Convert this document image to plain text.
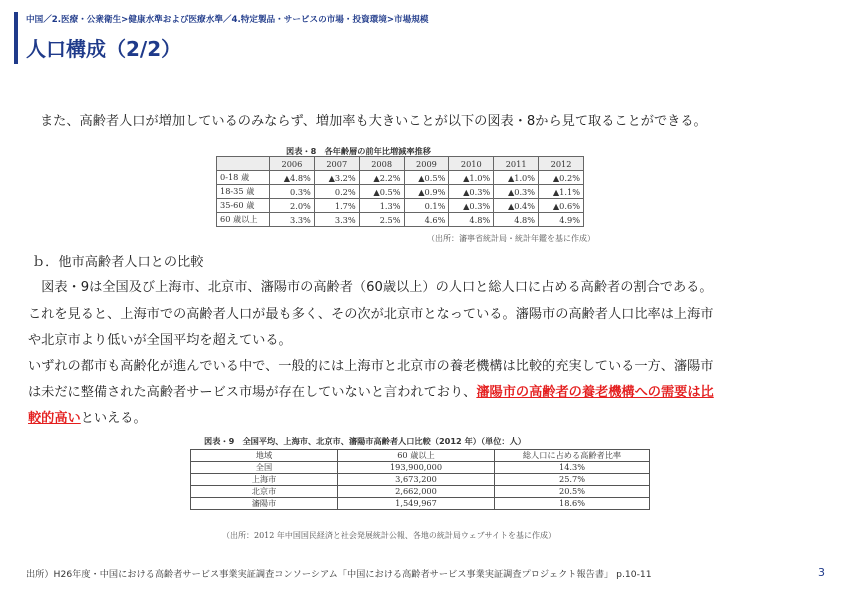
中国／2.医療・公衆衛生>健康水準および医療水準／4.特定製品・サービスの市場・投資環境>市場規模
人口構成（2/2）
また、高齢者人口が増加しているのみならず、増加率も大きいことが以下の図表・8から見て取ることができる。
図表・8　各年齢層の前年比増減率推移
	2006	2007	2008	2009	2010	2011	2012
0-18 歳	▲4.8%	▲3.2%	▲2.2%	▲0.5%	▲1.0%	▲1.0%	▲0.2%
18-35 歳	0.3%	0.2%	▲0.5%	▲0.9%	▲0.3%	▲0.3%	▲1.1%
35-60 歳	2.0%	1.7%	1.3%	0.1%	▲0.3%	▲0.4%	▲0.6%
60 歳以上	3.3%	3.3%	2.5%	4.6%	4.8%	4.8%	4.9%
（出所：瀋寧省統計局・統計年鑑を基に作成）
ｂ．他市高齢者人口との比較
　図表・9は全国及び上海市、北京市、瀋陽市の高齢者（60歳以上）の人口と総人口に占める高齢者の割合である。
これを見ると、上海市での高齢者人口が最も多く、その次が北京市となっている。瀋陽市の高齢者人口比率は上海市
や北京市より低いが全国平均を超えている。
いずれの都市も高齢化が進んでいる中で、一般的には上海市と北京市の養老機構は比較的充実している一方、瀋陽市
は未だに整備された高齢者サービス市場が存在していないと言われており、瀋陽市の高齢者の養老機構への需要は比
較的高いといえる。
図表・9　全国平均、上海市、北京市、瀋陽市高齢者人口比較（2012 年）（単位：人）
地域	60 歳以上	総人口に占める高齢者比率
全国	193,900,000	14.3%
上海市	3,673,200	25.7%
北京市	2,662,000	20.5%
瀋陽市	1,549,967	18.6%
（出所：2012 年中国国民経済と社会発展統計公報、各地の統計局ウェブサイトを基に作成）
出所）H26年度・中国における高齢者サービス事業実証調査コンソーシアム「中国における高齢者サービス事業実証調査プロジェクト報告書」 p.10-11	3
